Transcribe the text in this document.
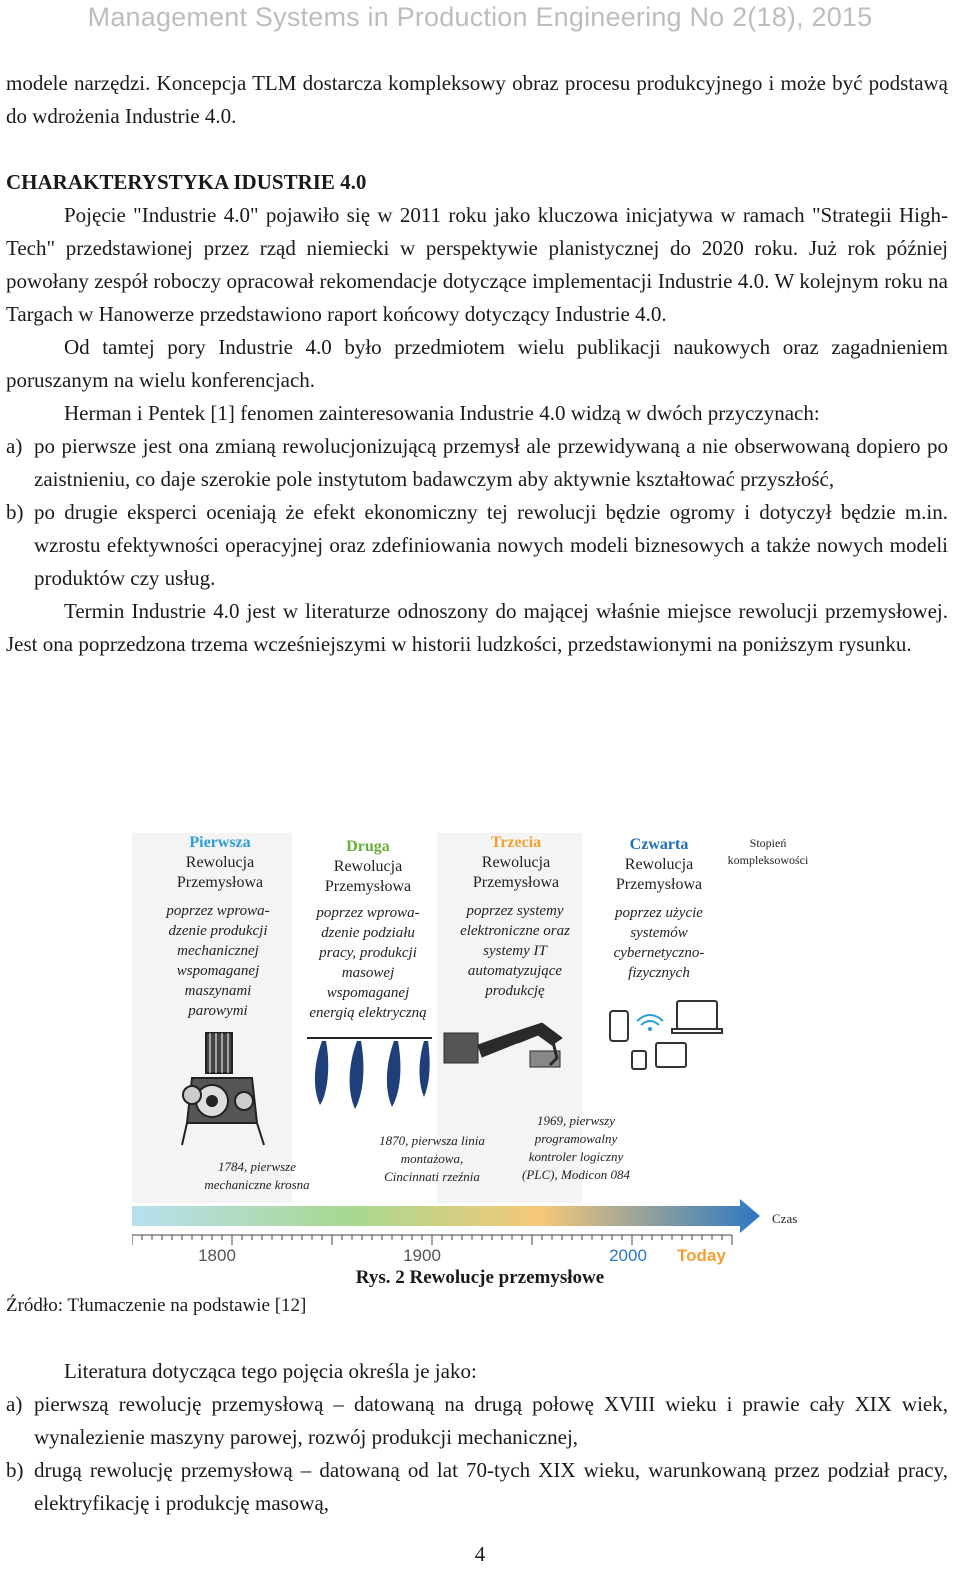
Management Systems in Production Engineering No 2(18), 2015

modele narzędzi. Koncepcja TLM dostarcza kompleksowy obraz procesu produkcyjnego i może być podstawą do wdrożenia Industrie 4.0.

CHARAKTERYSTYKA IDUSTRIE 4.0

Pojęcie "Industrie 4.0" pojawiło się w 2011 roku jako kluczowa inicjatywa w ramach "Strategii High-Tech" przedstawionej przez rząd niemiecki w perspektywie planistycznej do 2020 roku. Już rok później powołany zespół roboczy opracował rekomendacje dotyczące implementacji Industrie 4.0. W kolejnym roku na Targach w Hanowerze przedstawiono raport końcowy dotyczący Industrie 4.0.

Od tamtej pory Industrie 4.0 było przedmiotem wielu publikacji naukowych oraz zagadnieniem poruszanym na wielu konferencjach.

Herman i Pentek [1] fenomen zainteresowania Industrie 4.0 widzą w dwóch przyczynach:

a) po pierwsze jest ona zmianą rewolucjonizującą przemysł ale przewidywaną a nie obserwowaną dopiero po zaistnieniu, co daje szerokie pole instytutom badawczym aby aktywnie kształtować przyszłość,
b) po drugie eksperci oceniają że efekt ekonomiczny tej rewolucji będzie ogromy i dotyczył będzie m.in. wzrostu efektywności operacyjnej oraz zdefiniowania nowych modeli biznesowych a także nowych modeli produktów czy usług.

Termin Industrie 4.0 jest w literaturze odnoszony do mającej właśnie miejsce rewolucji przemysłowej. Jest ona poprzedzona trzema wcześniejszymi w historii ludzkości, przedstawionymi na poniższym rysunku.

Pierwsza
Rewolucja
Przemysłowa
Druga
Rewolucja
Przemysłowa
Trzecia
Rewolucja
Przemysłowa
Czwarta
Rewolucja
Przemysłowa
Stopień
kompleksowości
poprzez wprowa-
dzenie produkcji
mechanicznej
wspomaganej
maszynami
parowymi
poprzez wprowa-
dzenie podziału
pracy, produkcji
masowej
wspomaganej
energią elektryczną
poprzez systemy
elektroniczne oraz
systemy IT
automatyzujące
produkcję
poprzez użycie
systemów
cybernetyczno-
fizycznych
1784, pierwsze
mechaniczne krosna
1870, pierwsza linia
montażowa,
Cincinnati rzeźnia
1969, pierwszy
programowalny
kontroler logiczny
(PLC), Modicon 084
Czas
1800	1900	2000 Today
Rys. 2 Rewolucje przemysłowe
Źródło: Tłumaczenie na podstawie [12]

Literatura dotycząca tego pojęcia określa je jako:

a) pierwszą rewolucję przemysłową – datowaną na drugą połowę XVIII wieku i prawie cały XIX wiek, wynalezienie maszyny parowej, rozwój produkcji mechanicznej,
b) drugą rewolucję przemysłową – datowaną od lat 70-tych XIX wieku, warunkowaną przez podział pracy, elektryfikację i produkcję masową,
4
